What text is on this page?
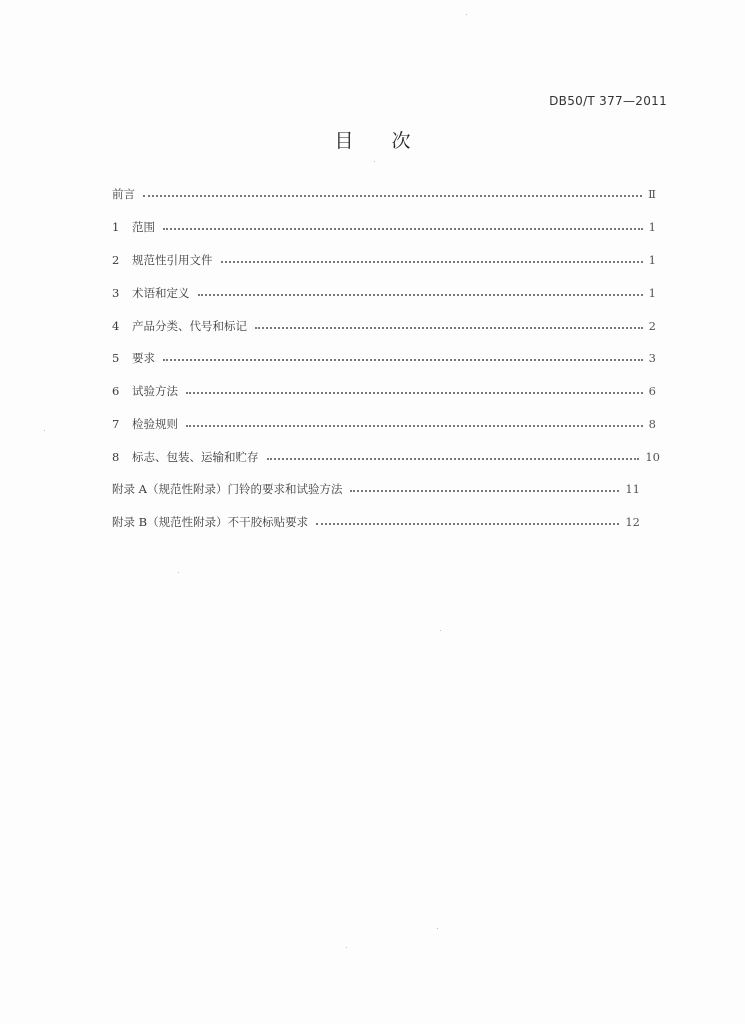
DB50/T 377—2011
目 次
前言	Ⅱ
1	范围	1
2	规范性引用文件	1
3	术语和定义	1
4	产品分类、代号和标记	2
5	要求	3
6	试验方法	6
7	检验规则	8
8	标志、包装、运输和贮存	10
附录 A（规范性附录）门铃的要求和试验方法	11
附录 B（规范性附录）不干胶标贴要求	12
